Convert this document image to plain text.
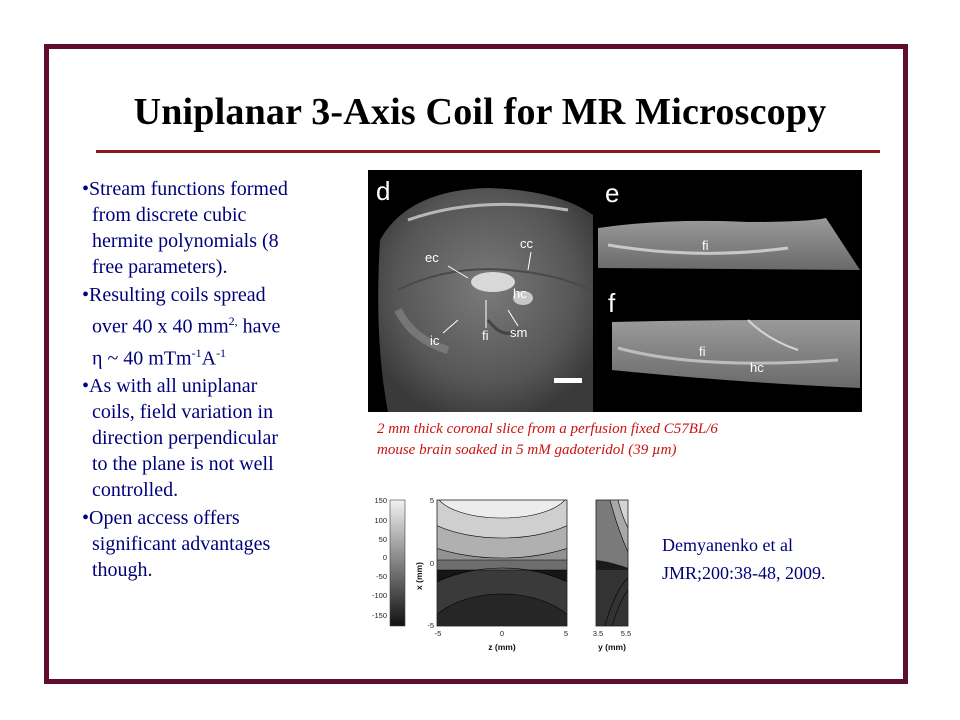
Uniplanar 3-Axis Coil for MR Microscopy
•Stream functions formed
from discrete cubic
hermite polynomials (8
free parameters).
•Resulting coils spread
over 40 x 40 $mm^{2,}$ have
η ~ 40 $mTm^{-1}A^{-1}$
•As with all uniplanar
coils, field variation in
direction perpendicular
to the plane is not well
controlled.
•Open access offers
significant advantages
though.
d
ec
cc
hc
fi sm
ic
e
fi
f
fi
hc
2 mm thick coronal slice from a perfusion fixed C57BL/6
mouse brain soaked in 5 mM gadoteridol (39 µm)
150
100
50
0
-50
-100
-150
x (mm)
5
0
-5
-5	0	5
z (mm)
3.5 5.5
y (mm)
Demyanenko et al
JMR;200:38-48, 2009.
